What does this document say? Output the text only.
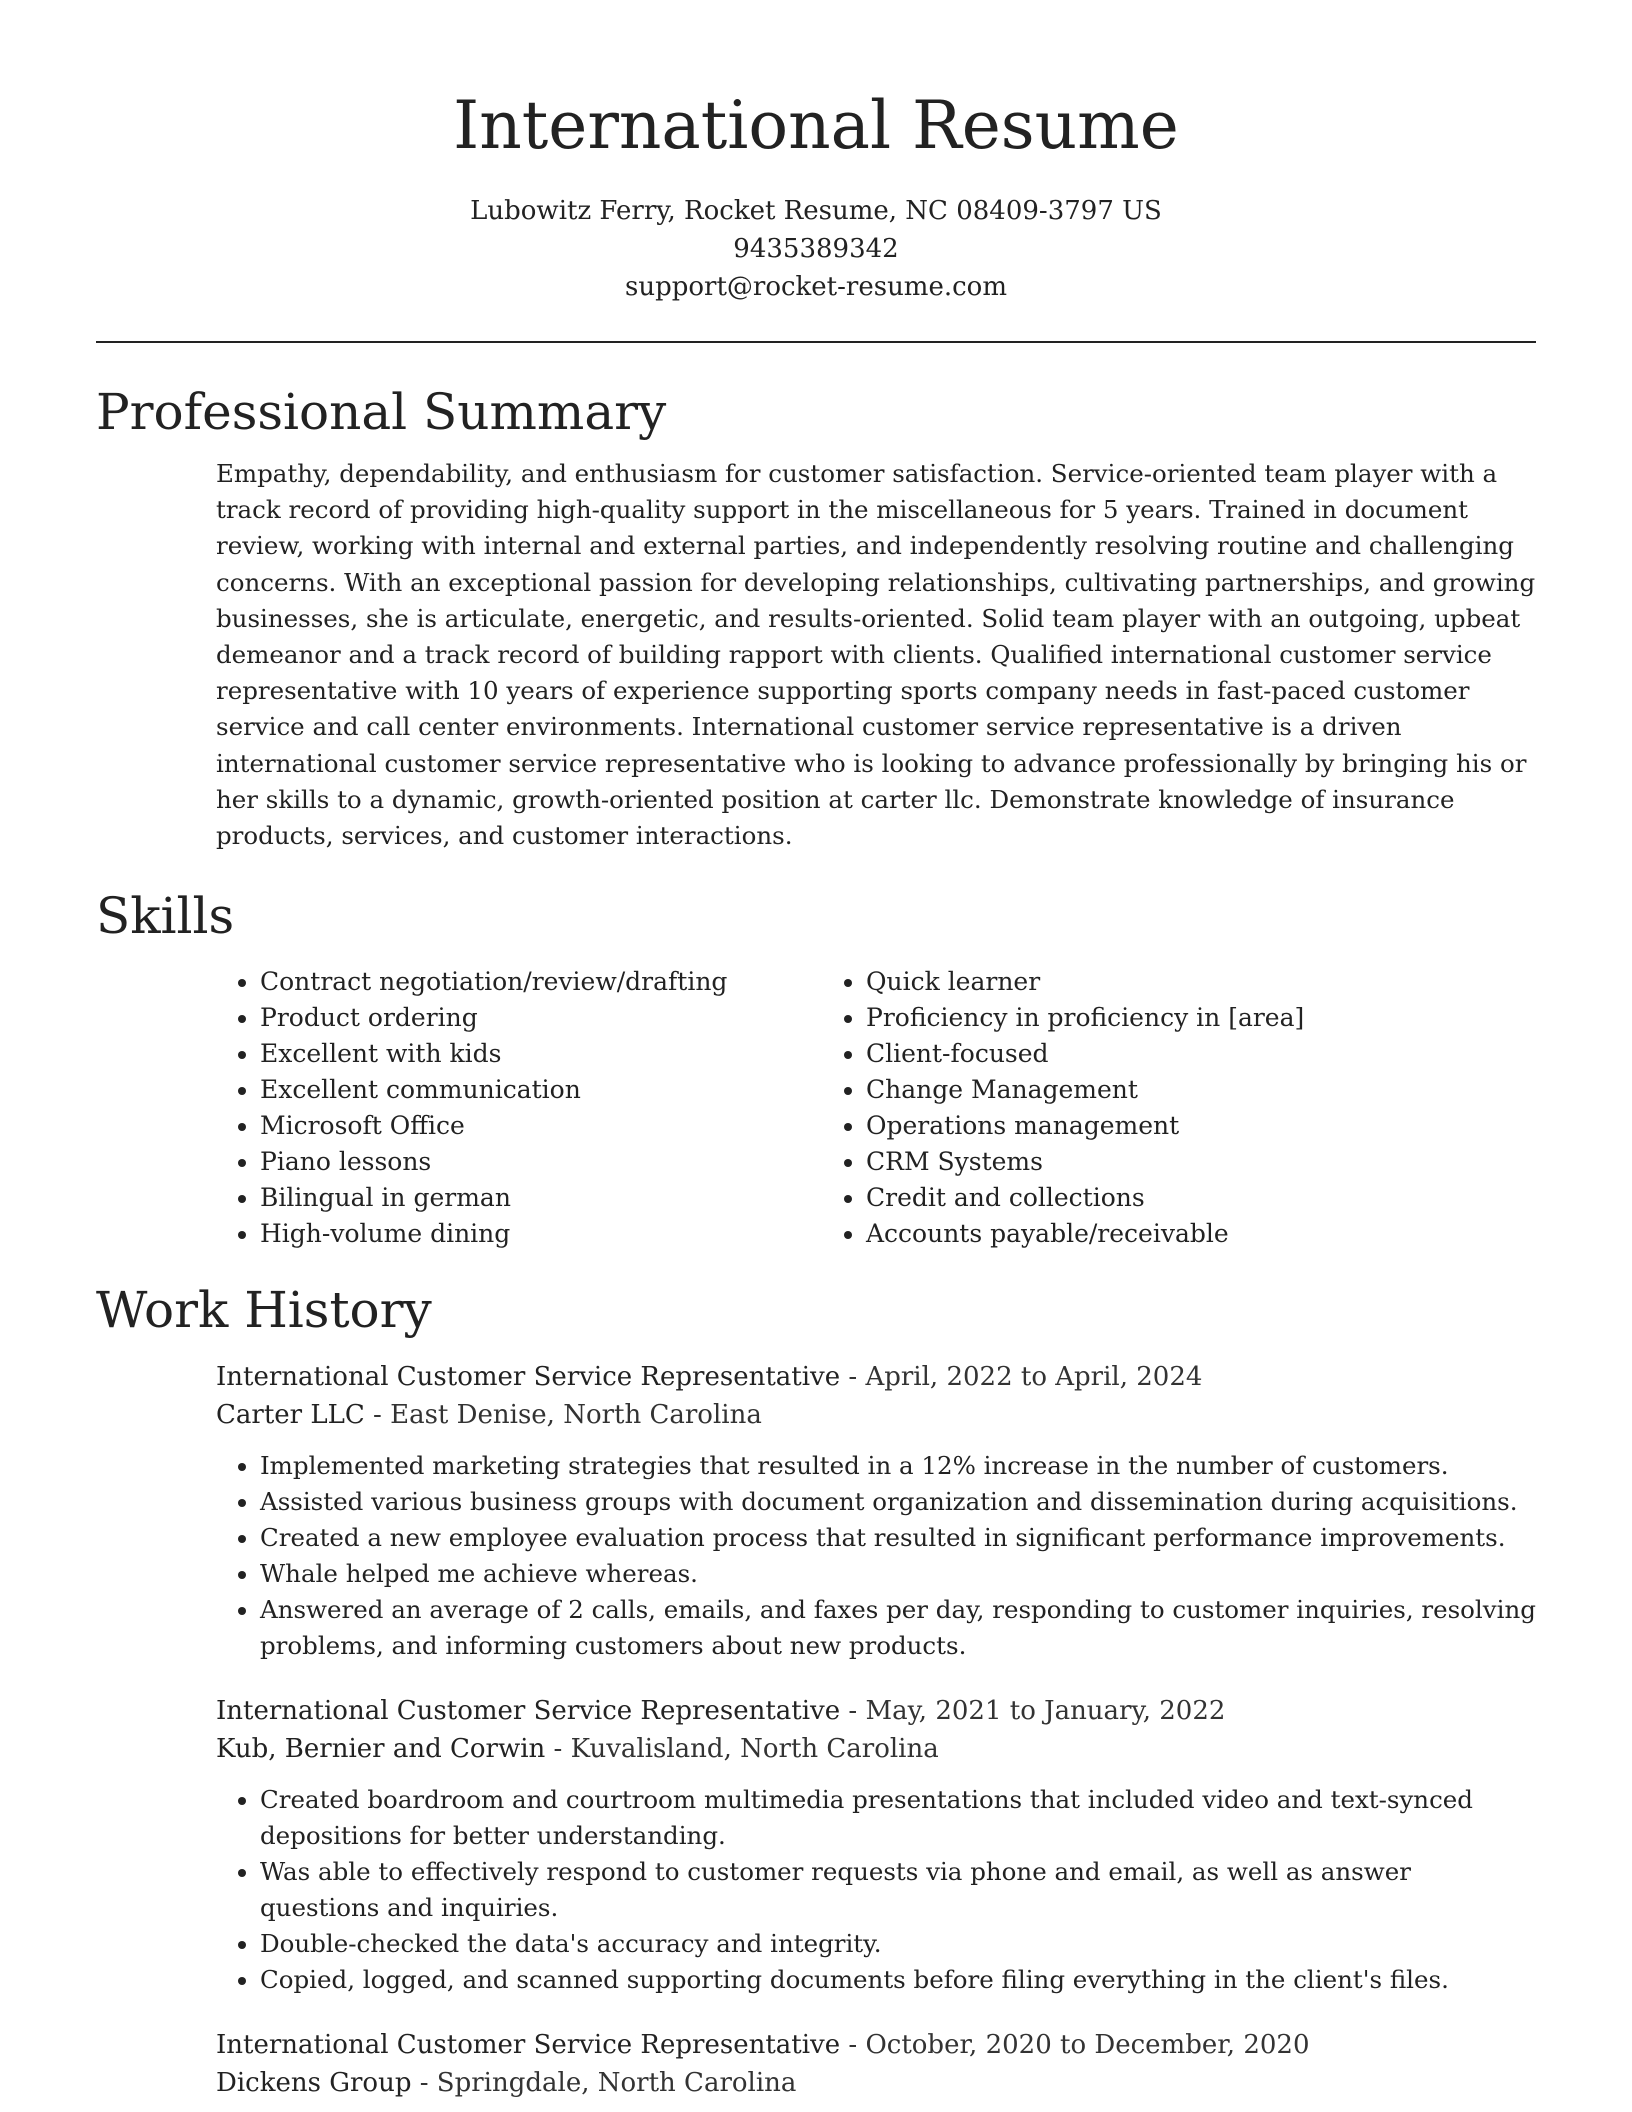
International Resume
Lubowitz Ferry, Rocket Resume, NC 08409-3797 US
9435389342
support@rocket-resume.com
Professional Summary
Empathy, dependability, and enthusiasm for customer satisfaction. Service-oriented team player with a track record of providing high-quality support in the miscellaneous for 5 years. Trained in document review, working with internal and external parties, and independently resolving routine and challenging concerns. With an exceptional passion for developing relationships, cultivating partnerships, and growing businesses, she is articulate, energetic, and results-oriented. Solid team player with an outgoing, upbeat demeanor and a track record of building rapport with clients. Qualified international customer service representative with 10 years of experience supporting sports company needs in fast-paced customer service and call center environments. International customer service representative is a driven international customer service representative who is looking to advance professionally by bringing his or her skills to a dynamic, growth-oriented position at carter llc. Demonstrate knowledge of insurance products, services, and customer interactions.
Skills
• Contract negotiation/review/drafting
• Product ordering
• Excellent with kids
• Excellent communication
• Microsoft Office
• Piano lessons
• Bilingual in german
• High-volume dining
• Quick learner
• Proficiency in proficiency in [area]
• Client-focused
• Change Management
• Operations management
• CRM Systems
• Credit and collections
• Accounts payable/receivable
Work History
International Customer Service Representative - April, 2022 to April, 2024
Carter LLC - East Denise, North Carolina
• Implemented marketing strategies that resulted in a 12% increase in the number of customers.
• Assisted various business groups with document organization and dissemination during acquisitions.
• Created a new employee evaluation process that resulted in significant performance improvements.
• Whale helped me achieve whereas.
• Answered an average of 2 calls, emails, and faxes per day, responding to customer inquiries, resolving problems, and informing customers about new products.
International Customer Service Representative - May, 2021 to January, 2022
Kub, Bernier and Corwin - Kuvalisland, North Carolina
• Created boardroom and courtroom multimedia presentations that included video and text-synced depositions for better understanding.
• Was able to effectively respond to customer requests via phone and email, as well as answer questions and inquiries.
• Double-checked the data's accuracy and integrity.
• Copied, logged, and scanned supporting documents before filing everything in the client's files.
International Customer Service Representative - October, 2020 to December, 2020
Dickens Group - Springdale, North Carolina
